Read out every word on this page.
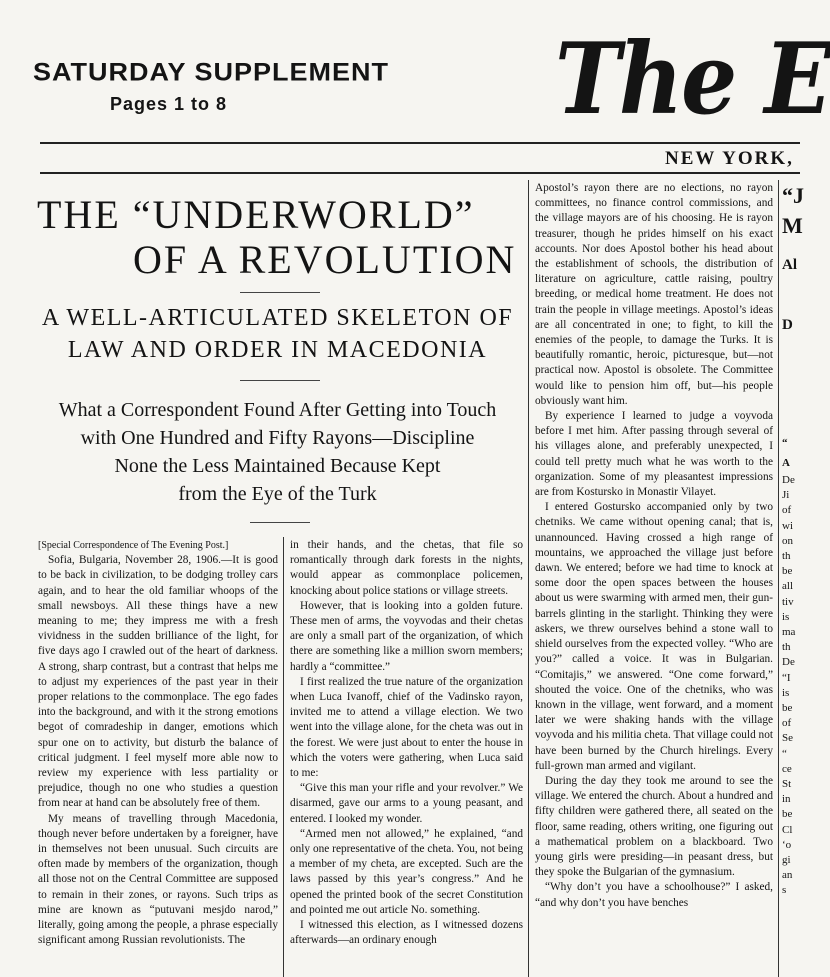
SATURDAY SUPPLEMENT
Pages 1 to 8	The E
NEW YORK,
THE “UNDERWORLD”
OF A REVOLUTION
A WELL-ARTICULATED SKELETON OF
LAW AND ORDER IN MACEDONIA
What a Correspondent Found After Getting into Touch
with One Hundred and Fifty Rayons—Discipline
None the Less Maintained Because Kept
from the Eye of the Turk

[Special Correspondence of The Evening Post.]

Sofia, Bulgaria, November 28, 1906.—It is good to be back in civilization, to be dodging trolley cars again, and to hear the old familiar whoops of the small newsboys. All these things have a new meaning to me; they impress me with a fresh vividness in the sudden brilliance of the light, for five days ago I crawled out of the heart of darkness. A strong, sharp contrast, but a contrast that helps me to adjust my experiences of the past year in their proper relations to the commonplace. The ego fades into the background, and with it the strong emotions begot of comradeship in danger, emotions which spur one on to activity, but disturb the balance of critical judgment. I feel myself more able now to review my experience with less partiality or prejudice, though no one who studies a question from near at hand can be absolutely free of them.

My means of travelling through Macedonia, though never before undertaken by a foreigner, have in themselves not been unusual. Such circuits are often made by members of the organization, though all those not on the Central Committee are supposed to remain in their zones, or rayons. Such trips as mine are known as “putuvani mesjdo narod,” literally, going among the people, a phrase especially significant among Russian revolutionists. The

in their hands, and the chetas, that file so romantically through dark forests in the nights, would appear as commonplace policemen, knocking about police stations or village streets.

However, that is looking into a golden future. These men of arms, the voyvodas and their chetas are only a small part of the organization, of which there are something like a million sworn members; hardly a “committee.”

I first realized the true nature of the organization when Luca Ivanoff, chief of the Vadinsko rayon, invited me to attend a village election. We two went into the village alone, for the cheta was out in the forest. We were just about to enter the house in which the voters were gathering, when Luca said to me:

“Give this man your rifle and your revolver.” We disarmed, gave our arms to a young peasant, and entered. I looked my wonder.

“Armed men not allowed,” he explained, “and only one representative of the cheta. You, not being a member of my cheta, are excepted. Such are the laws passed by this year’s congress.” And he opened the printed book of the secret Constitution and pointed me out article No. something.

I witnessed this election, as I witnessed dozens afterwards—an ordinary enough

Apostol’s rayon there are no elections, no rayon committees, no finance control commissions, and the village mayors are of his choosing. He is rayon treasurer, though he prides himself on his exact accounts. Nor does Apostol bother his head about the establishment of schools, the distribution of literature on agriculture, cattle raising, poultry breeding, or medical home treatment. He does not train the people in village meetings. Apostol’s ideas are all concentrated in one; to fight, to kill the enemies of the people, to damage the Turks. It is beautifully romantic, heroic, picturesque, but—not practical now. Apostol is obsolete. The Committee would like to pension him off, but—his people obviously want him.

By experience I learned to judge a voyvoda before I met him. After passing through several of his villages alone, and preferably unexpected, I could tell pretty much what he was worth to the organization. Some of my pleasantest impressions are from Kostursko in Monastir Vilayet.

I entered Gostursko accompanied only by two chetniks. We came without opening canal; that is, unannounced. Having crossed a high range of mountains, we approached the village just before dawn. We entered; before we had time to knock at some door the open spaces between the houses about us were swarming with armed men, their gun-barrels glinting in the starlight. Thinking they were askers, we threw ourselves behind a stone wall to shield ourselves from the expected volley. “Who are you?” called a voice. It was in Bulgarian. “Comitajis,” we answered. “One come forward,” shouted the voice. One of the chetniks, who was known in the village, went forward, and a moment later we were shaking hands with the village voyvoda and his militia cheta. That village could not have been burned by the Church hirelings. Every full-grown man armed and vigilant.

During the day they took me around to see the village. We entered the church. About a hundred and fifty children were gathered there, all seated on the floor, same reading, others writing, one figuring out a mathematical problem on a blackboard. Two young girls were presiding—in peasant dress, but they spoke the Bulgarian of the gymnasium.

“Why don’t you have a schoolhouse?” I asked, “and why don’t you have benches

“J
M
Al
D
“
A
De
Ji
of
wi
on
th
be
all
tiv
is
ma
th
De
“I
is
be
of
Se
“
ce
St
in
be
Cl
‘o
gi
an
s
